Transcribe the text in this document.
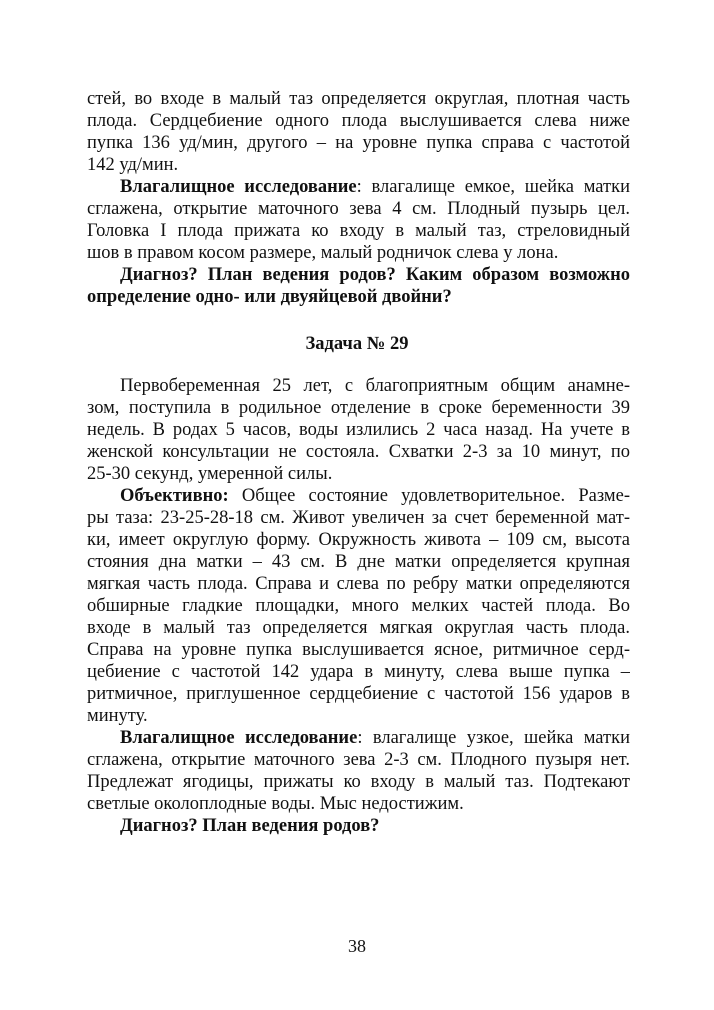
стей, во входе в малый таз определяется округлая, плотная часть
плода. Сердцебиение одного плода выслушивается слева ниже
пупка 136 уд/мин, другого – на уровне пупка справа с частотой
142 уд/мин.
Влагалищное исследование: влагалище емкое, шейка матки
сглажена, открытие маточного зева 4 см. Плодный пузырь цел.
Головка I плода прижата ко входу в малый таз, стреловидный
шов в правом косом размере, малый родничок слева у лона.
Диагноз? План ведения родов? Каким образом возможно
определение одно- или двуяйцевой двойни?
Задача № 29
Первобеременная 25 лет, с благоприятным общим анамне-
зом, поступила в родильное отделение в сроке беременности 39
недель. В родах 5 часов, воды излились 2 часа назад. На учете в
женской консультации не состояла. Схватки 2-3 за 10 минут, по
25-30 секунд, умеренной силы.
Объективно: Общее состояние удовлетворительное. Разме-
ры таза: 23-25-28-18 см. Живот увеличен за счет беременной мат-
ки, имеет округлую форму. Окружность живота – 109 см, высота
стояния дна матки – 43 см. В дне матки определяется крупная
мягкая часть плода. Справа и слева по ребру матки определяются
обширные гладкие площадки, много мелких частей плода. Во
входе в малый таз определяется мягкая округлая часть плода.
Справа на уровне пупка выслушивается ясное, ритмичное серд-
цебиение с частотой 142 удара в минуту, слева выше пупка –
ритмичное, приглушенное сердцебиение с частотой 156 ударов в
минуту.
Влагалищное исследование: влагалище узкое, шейка матки
сглажена, открытие маточного зева 2-3 см. Плодного пузыря нет.
Предлежат ягодицы, прижаты ко входу в малый таз. Подтекают
светлые околоплодные воды. Мыс недостижим.
Диагноз? План ведения родов?
38
